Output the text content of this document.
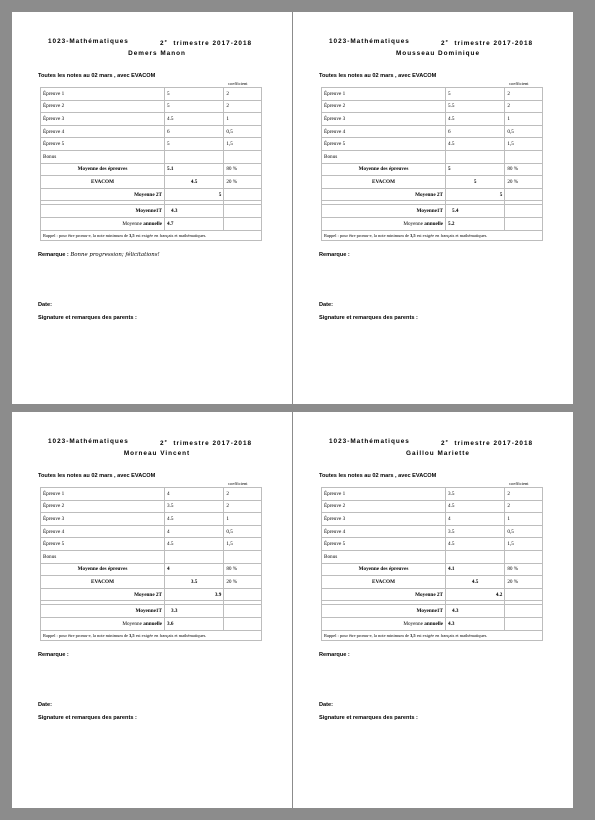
1023-Mathématiques	2e trimestre 2017-2018
Demers Manon
Toutes les notes au 02 mars , avec EVACOM
coefficient
Épreuve 1	5	2
Épreuve 2	5	2
Épreuve 3	4.5	1
Épreuve 4	6	0,5
Épreuve 5	5	1,5
Bonus		
Moyenne des épreuves	5.1	80 %
EVACOM	4.5	20 %
Moyenne 2T	5	

Moyenne1T	4.3	
Moyenne annuelle	4.7	
Rappel : pour être promu-e, la note minimum de 3,5 est exigée en français et mathématiques.		
Remarque : Bonne progression; félicitations!
Date:
Signature et remarques des parents :
1023-Mathématiques	2e trimestre 2017-2018
Mousseau Dominique
Toutes les notes au 02 mars , avec EVACOM
coefficient
Épreuve 1	5	2
Épreuve 2	5.5	2
Épreuve 3	4.5	1
Épreuve 4	6	0,5
Épreuve 5	4.5	1,5
Bonus		
Moyenne des épreuves	5	80 %
EVACOM	5	20 %
Moyenne 2T	5	

Moyenne1T	5.4	
Moyenne annuelle	5.2	
Rappel : pour être promu-e, la note minimum de 3,5 est exigée en français et mathématiques.		
Remarque :
Date:
Signature et remarques des parents :
1023-Mathématiques	2e trimestre 2017-2018
Morneau Vincent
Toutes les notes au 02 mars , avec EVACOM
coefficient
Épreuve 1	4	2
Épreuve 2	3.5	2
Épreuve 3	4.5	1
Épreuve 4	4	0,5
Épreuve 5	4.5	1,5
Bonus		
Moyenne des épreuves	4	80 %
EVACOM	3.5	20 %
Moyenne 2T	3.9	

Moyenne1T	3.3	
Moyenne annuelle	3.6	
Rappel : pour être promu-e, la note minimum de 3,5 est exigée en français et mathématiques.		
Remarque :
Date:
Signature et remarques des parents :
1023-Mathématiques	2e trimestre 2017-2018
Gaillou Mariette
Toutes les notes au 02 mars , avec EVACOM
coefficient
Épreuve 1	3.5	2
Épreuve 2	4.5	2
Épreuve 3	4	1
Épreuve 4	3.5	0,5
Épreuve 5	4.5	1,5
Bonus		
Moyenne des épreuves	4.1	80 %
EVACOM	4.5	20 %
Moyenne 2T	4.2	

Moyenne1T	4.3	
Moyenne annuelle	4.3	
Rappel : pour être promu-e, la note minimum de 3,5 est exigée en français et mathématiques.		
Remarque :
Date:
Signature et remarques des parents :
